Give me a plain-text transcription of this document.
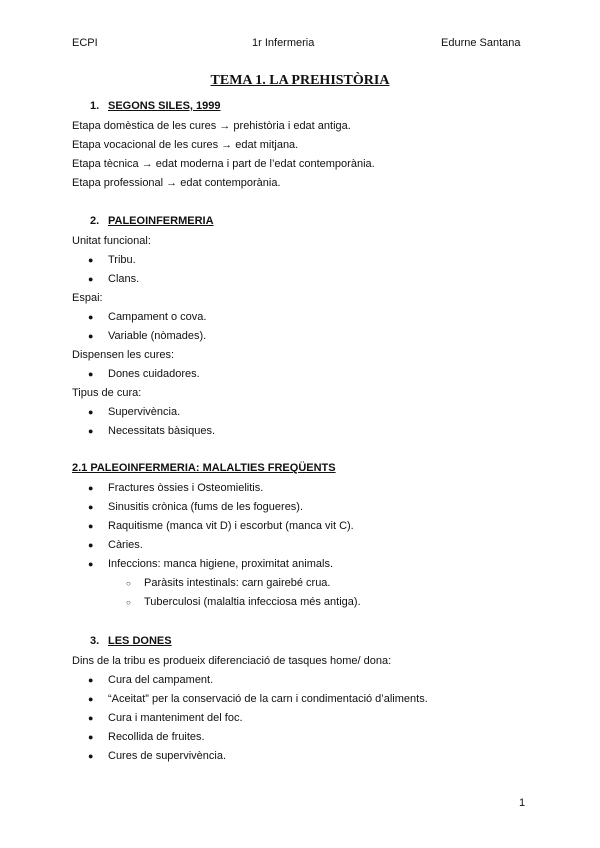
ECPI	1r Infermeria	Edurne Santana
TEMA 1. LA PREHISTÒRIA
1. SEGONS SILES, 1999
Etapa domèstica de les cures → prehistòria i edat antiga.
Etapa vocacional de les cures → edat mitjana.
Etapa tècnica → edat moderna i part de l’edat contemporània.
Etapa professional → edat contemporània.
2. PALEOINFERMERIA
Unitat funcional:
● Tribu.
● Clans.
Espai:
● Campament o cova.
● Variable (nòmades).
Dispensen les cures:
● Dones cuidadores.
Tipus de cura:
● Supervivència.
● Necessitats bàsiques.
2.1 PALEOINFERMERIA: MALALTIES FREQÜENTS
● Fractures òssies i Osteomielitis.
● Sinusitis crònica (fums de les fogueres).
● Raquitisme (manca vit D) i escorbut (manca vit C).
● Càries.
● Infeccions: manca higiene, proximitat animals.
○ Paràsits intestinals: carn gairebé crua.
○ Tuberculosi (malaltia infecciosa més antiga).
3. LES DONES
Dins de la tribu es produeix diferenciació de tasques home/ dona:
● Cura del campament.
● “Aceitat” per la conservació de la carn i condimentació d’aliments.
● Cura i manteniment del foc.
● Recollida de fruites.
● Cures de supervivència.
1
